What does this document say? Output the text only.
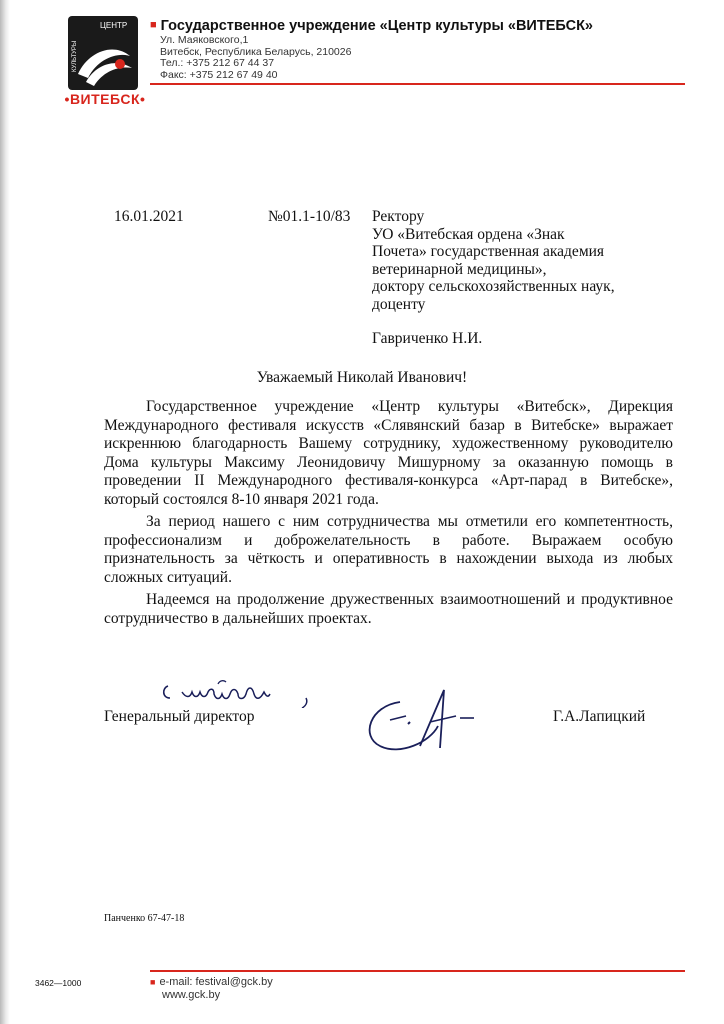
ЦЕНТР
КУЛЬТУРЫ
•ВИТЕБСК•
■ Государственное учреждение «Центр культуры «ВИТЕБСК»
Ул. Маяковского,1
Витебск, Республика Беларусь, 210026
Тел.: +375 212 67 44 37
Факс: +375 212 67 49 40
16.01.2021	№01.1-10/83 Ректору
УО «Витебская ордена «Знак
Почета» государственная академия
ветеринарной медицины»,
доктору сельскохозяйственных наук,
доценту
Гавриченко Н.И.
Уважаемый Николай Иванович!

Государственное учреждение «Центр культуры «Витебск», Дирекция Международного фестиваля искусств «Слявянский базар в Витебске» выражает искреннюю благодарность Вашему сотруднику, художественному руководителю Дома культуры Максиму Леонидовичу Мишурному за оказанную помощь в проведении II Международного фестиваля-конкурса «Арт-парад в Витебске», который состоялся 8-10 января 2021 года.

За период нашего с ним сотрудничества мы отметили его компетентность, профессионализм и доброжелательность в работе. Выражаем особую признательность за чёткость и оперативность в нахождении выхода из любых сложных ситуаций.

Надеемся на продолжение дружественных взаимоотношений и продуктивное сотрудничество в дальнейших проектах.

Генеральный директор	Г.А.Лапицкий
Панченко 67-47-18
3462—1000	■ e-mail: festival@gck.by
www.gck.by
